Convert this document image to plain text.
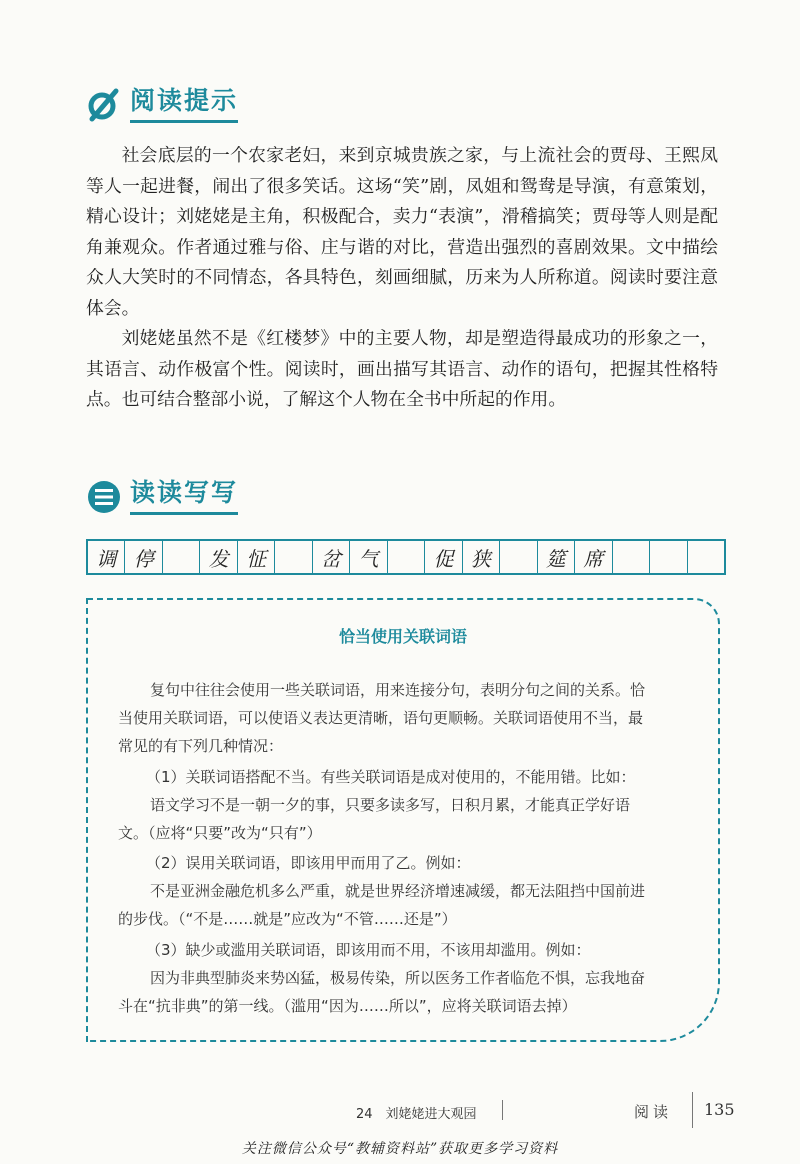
阅读提示

社会底层的一个农家老妇，来到京城贵族之家，与上流社会的贾母、王熙凤等人一起进餐，闹出了很多笑话。这场“笑”剧，凤姐和鸳鸯是导演，有意策划，精心设计；刘姥姥是主角，积极配合，卖力“表演”，滑稽搞笑；贾母等人则是配角兼观众。作者通过雅与俗、庄与谐的对比，营造出强烈的喜剧效果。文中描绘众人大笑时的不同情态，各具特色，刻画细腻，历来为人所称道。阅读时要注意体会。

刘姥姥虽然不是《红楼梦》中的主要人物，却是塑造得最成功的形象之一，其语言、动作极富个性。阅读时，画出描写其语言、动作的语句，把握其性格特点。也可结合整部小说，了解这个人物在全书中所起的作用。

读读写写
调 停	发 怔	岔 气	促 狭	筵 席
恰当使用关联词语

复句中往往会使用一些关联词语，用来连接分句，表明分句之间的关系。恰

当使用关联词语，可以使语义表达更清晰，语句更顺畅。关联词语使用不当，最

常见的有下列几种情况：

（1）关联词语搭配不当。有些关联词语是成对使用的，不能用错。比如：

语文学习不是一朝一夕的事，只要多读多写，日积月累，才能真正学好语

文。（应将“只要”改为“只有”）

（2）误用关联词语，即该用甲而用了乙。例如：

不是亚洲金融危机多么严重，就是世界经济增速减缓，都无法阻挡中国前进

的步伐。（“不是……就是”应改为“不管……还是”）

（3）缺少或滥用关联词语，即该用而不用，不该用却滥用。例如：

因为非典型肺炎来势凶猛，极易传染，所以医务工作者临危不惧，忘我地奋

斗在“抗非典”的第一线。（滥用“因为……所以”，应将关联词语去掉）

24　刘姥姥进大观园	阅读 135
关注微信公众号“教辅资料站”获取更多学习资料
